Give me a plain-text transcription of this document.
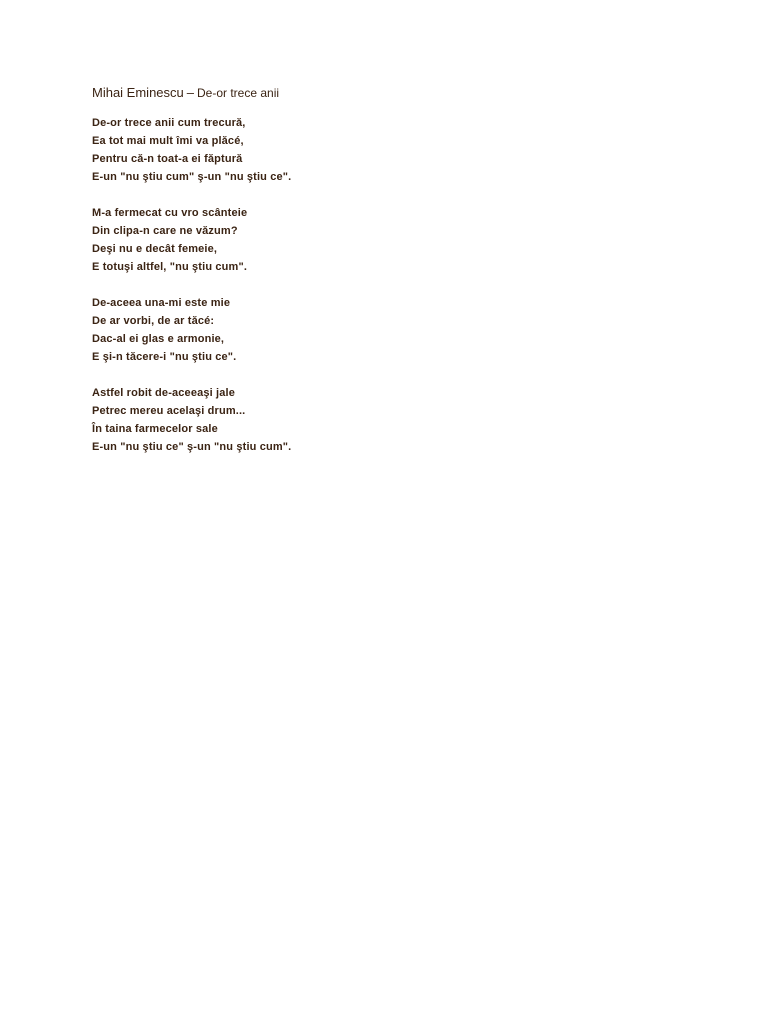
Mihai Eminescu – De-or trece anii
De-or trece anii cum trecură,
Ea tot mai mult îmi va plăcé,
Pentru că-n toat-a ei făptură
E-un "nu ştiu cum" ş-un "nu ştiu ce".
M-a fermecat cu vro scânteie
Din clipa-n care ne văzum?
Deşi nu e decât femeie,
E totuşi altfel, "nu ştiu cum".
De-aceea una-mi este mie
De ar vorbi, de ar tăcé:
Dac-al ei glas e armonie,
E şi-n tăcere-i "nu ştiu ce".
Astfel robit de-aceeaşi jale
Petrec mereu acelaşi drum...
În taina farmecelor sale
E-un "nu ştiu ce" ş-un "nu ştiu cum".
